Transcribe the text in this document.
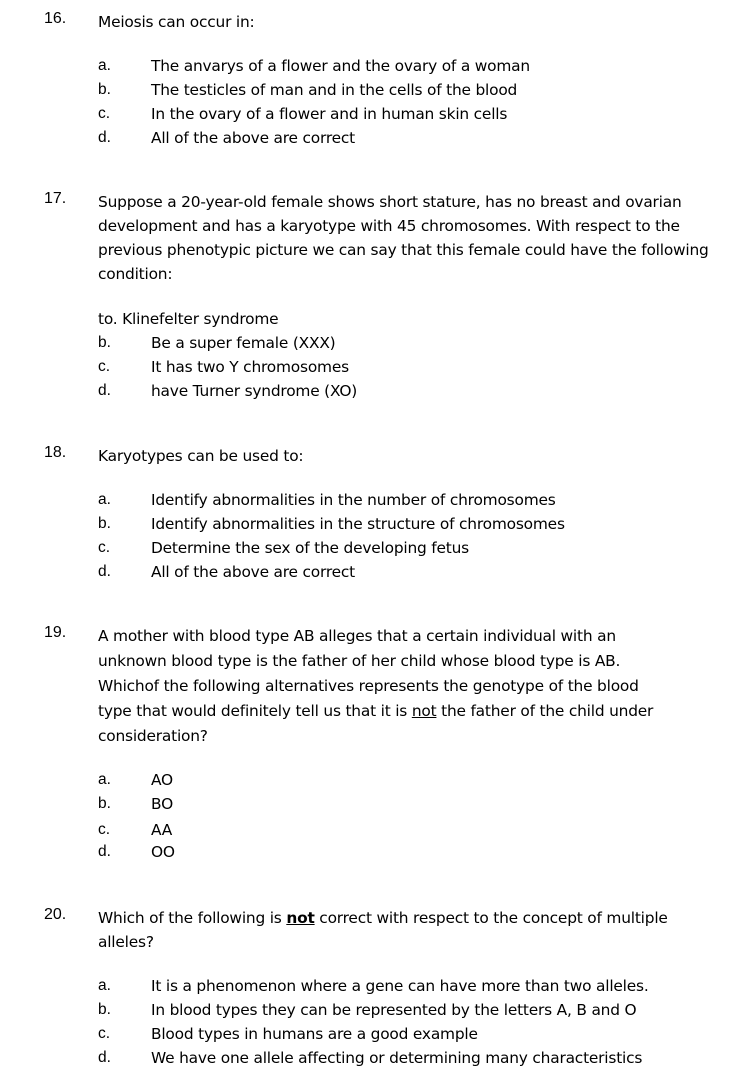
16. Meiosis can occur in:
a.	The anvarys of a flower and the ovary of a woman
b.	The testicles of man and in the cells of the blood
c.	In the ovary of a flower and in human skin cells
d.	All of the above are correct
17. Suppose a 20-year-old female shows short stature, has no breast and ovarian development and has a karyotype with 45 chromosomes. With respect to the previous phenotypic picture we can say that this female could have the following condition:
to. Klinefelter syndrome
b.	Be a super female (XXX)
c.	It has two Y chromosomes
d.	have Turner syndrome (XO)
18. Karyotypes can be used to:
a.	Identify abnormalities in the number of chromosomes
b.	Identify abnormalities in the structure of chromosomes
c.	Determine the sex of the developing fetus
d.	All of the above are correct
19. A mother with blood type AB alleges that a certain individual with an
unknown blood type is the father of her child whose blood type is AB.
Whichof the following alternatives represents the genotype of the blood
type that would definitely tell us that it is not the father of the child under
consideration?
a.	AO
b.	BO
c.	AA
d.	OO
20. Which of the following is not correct with respect to the concept of multiple alleles?
a.	It is a phenomenon where a gene can have more than two alleles.
b.	In blood types they can be represented by the letters A, B and O
c.	Blood types in humans are a good example
d.	We have one allele affecting or determining many characteristics
